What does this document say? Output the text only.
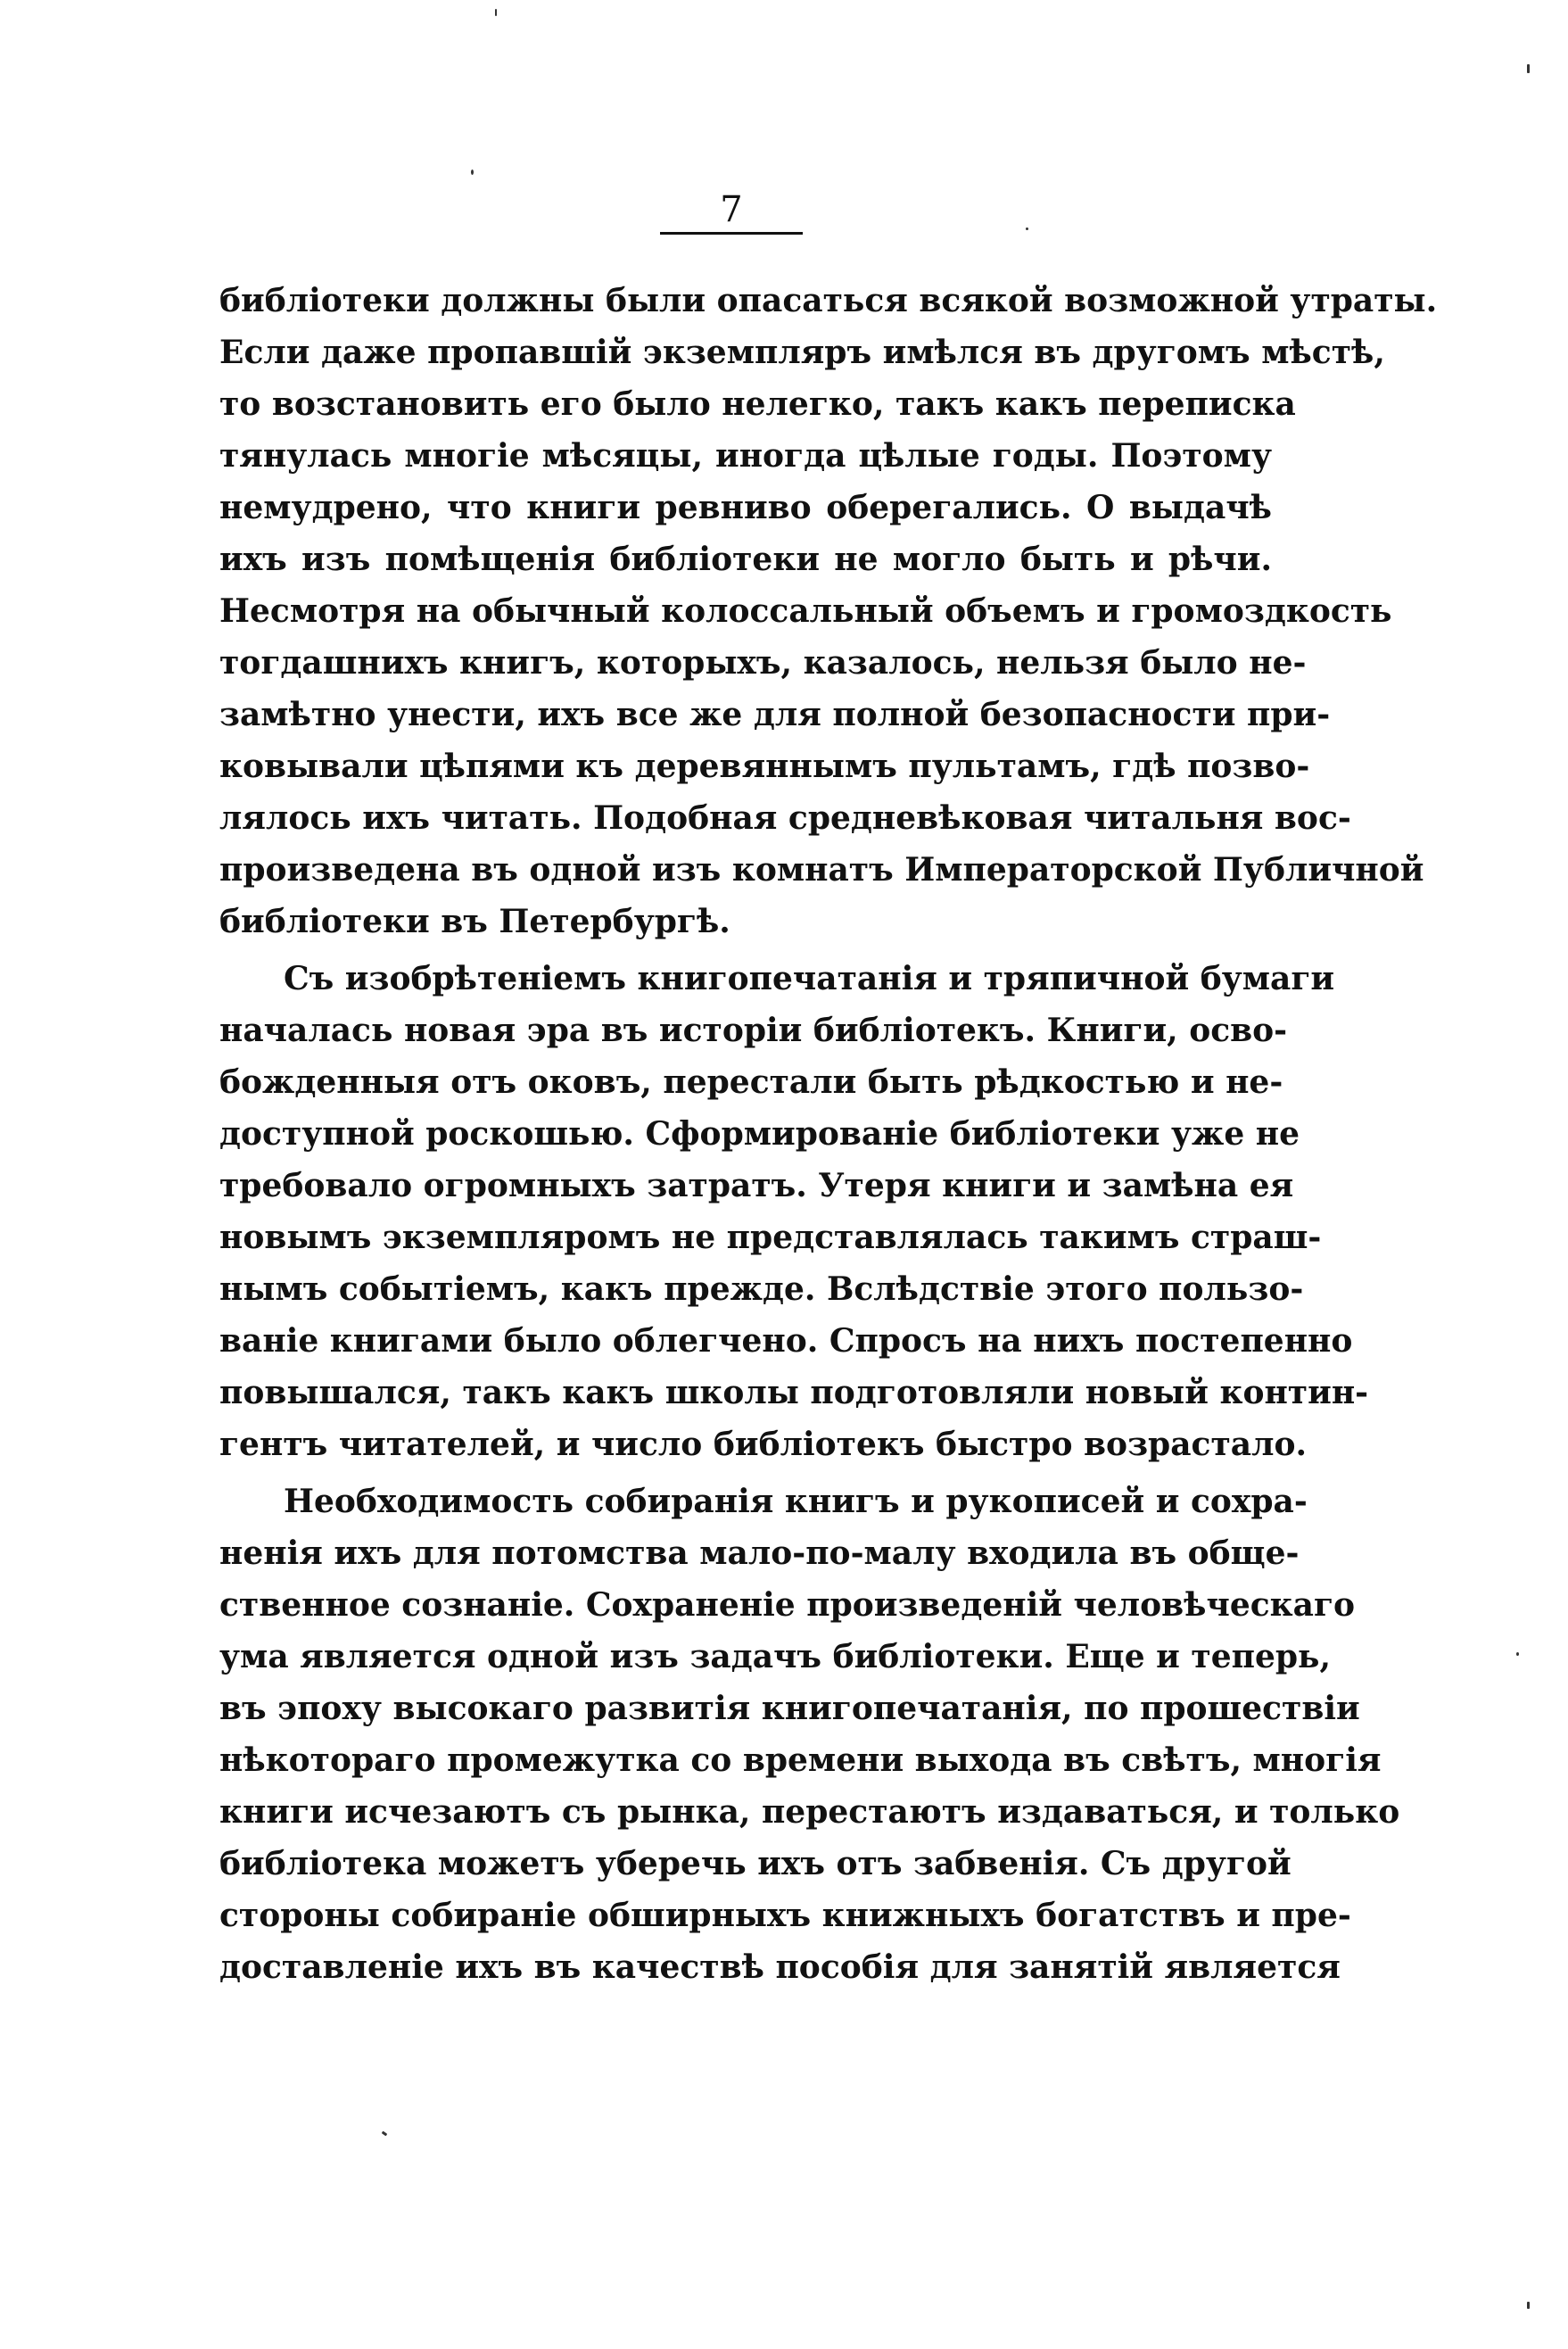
7
библіотеки должны были опасаться всякой возможной утраты.
Если даже пропавшій экземпляръ имѣлся въ другомъ мѣстѣ,
то возстановить его было нелегко, такъ какъ переписка
тянулась многіе мѣсяцы, иногда цѣлые годы. Поэтому
немудрено, что книги ревниво оберегались. О выдачѣ
ихъ изъ помѣщенія библіотеки не могло быть и рѣчи.
Несмотря на обычный колоссальный объемъ и громоздкость
тогдашнихъ книгъ, которыхъ, казалось, нельзя было не-
замѣтно унести, ихъ все же для полной безопасности при-
ковывали цѣпями къ деревяннымъ пультамъ, гдѣ позво-
лялось ихъ читать. Подобная средневѣковая читальня вос-
произведена въ одной изъ комнатъ Императорской Публичной
библіотеки въ Петербургѣ.
Съ изобрѣтеніемъ книгопечатанія и тряпичной бумаги
началась новая эра въ исторіи библіотекъ. Книги, осво-
божденныя отъ оковъ, перестали быть рѣдкостью и не-
доступной роскошью. Сформированіе библіотеки уже не
требовало огромныхъ затратъ. Утеря книги и замѣна ея
новымъ экземпляромъ не представлялась такимъ страш-
нымъ событіемъ, какъ прежде. Вслѣдствіе этого пользо-
ваніе книгами было облегчено. Спросъ на нихъ постепенно
повышался, такъ какъ школы подготовляли новый контин-
гентъ читателей, и число библіотекъ быстро возрастало.
Необходимость собиранія книгъ и рукописей и сохра-
ненія ихъ для потомства мало-по-малу входила въ обще-
ственное сознаніе. Сохраненіе произведеній человѣческаго
ума является одной изъ задачъ библіотеки. Еще и теперь,
въ эпоху высокаго развитія книгопечатанія, по прошествіи
нѣкотораго промежутка со времени выхода въ свѣтъ, многія
книги исчезаютъ съ рынка, перестаютъ издаваться, и только
библіотека можетъ уберечь ихъ отъ забвенія. Съ другой
стороны собираніе обширныхъ книжныхъ богатствъ и пре-
доставленіе ихъ въ качествѣ пособія для занятій является
